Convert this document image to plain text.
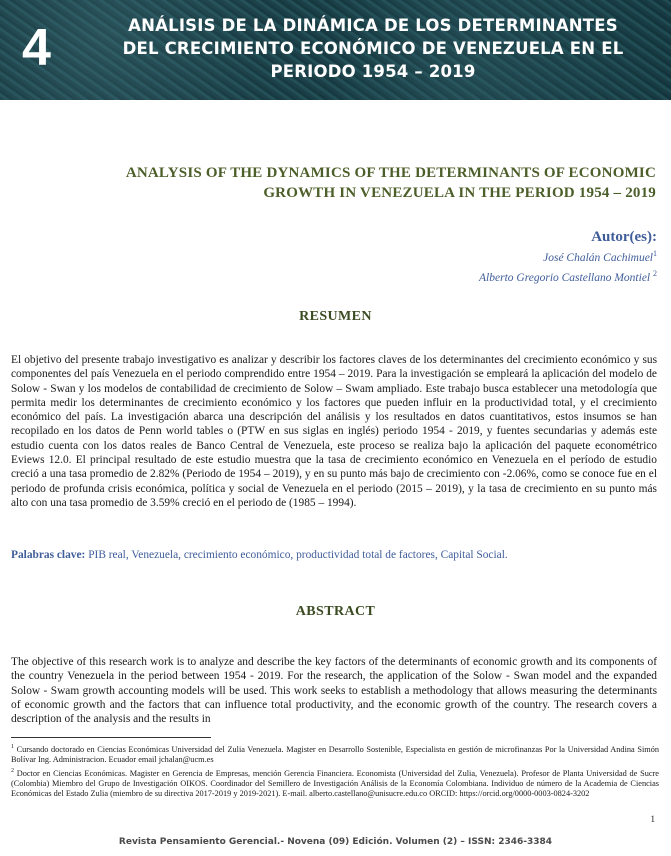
4	ANÁLISIS DE LA DINÁMICA DE LOS DETERMINANTES
DEL CRECIMIENTO ECONÓMICO DE VENEZUELA EN EL
PERIODO 1954 – 2019
ANALYSIS OF THE DYNAMICS OF THE DETERMINANTS OF ECONOMIC
GROWTH IN VENEZUELA IN THE PERIOD 1954 – 2019
Autor(es):
José Chalán Cachimuel$^1$
Alberto Gregorio Castellano Montiel $^2$
RESUMEN
El objetivo del presente trabajo investigativo es analizar y describir los factores claves de los determinantes del crecimiento económico y sus componentes del país Venezuela en el periodo comprendido entre 1954 – 2019. Para la investigación se empleará la aplicación del modelo de Solow - Swan y los modelos de contabilidad de crecimiento de Solow – Swam ampliado. Este trabajo busca establecer una metodología que permita medir los determinantes de crecimiento económico y los factores que pueden influir en la productividad total, y el crecimiento económico del país. La investigación abarca una descripción del análisis y los resultados en datos cuantitativos, estos insumos se han recopilado en los datos de Penn world tables o (PTW en sus siglas en inglés) periodo 1954 - 2019, y fuentes secundarias y además este estudio cuenta con los datos reales de Banco Central de Venezuela, este proceso se realiza bajo la aplicación del paquete econométrico Eviews 12.0. El principal resultado de este estudio muestra que la tasa de crecimiento económico en Venezuela en el período de estudio creció a una tasa promedio de 2.82% (Periodo de 1954 – 2019), y en su punto más bajo de crecimiento con -2.06%, como se conoce fue en el periodo de profunda crisis económica, política y social de Venezuela en el periodo (2015 – 2019), y la tasa de crecimiento en su punto más alto con una tasa promedio de 3.59% creció en el periodo de (1985 – 1994).
Palabras clave: PIB real, Venezuela, crecimiento económico, productividad total de factores, Capital Social.
ABSTRACT
The objective of this research work is to analyze and describe the key factors of the determinants of economic growth and its components of the country Venezuela in the period between 1954 - 2019. For the research, the application of the Solow - Swan model and the expanded Solow - Swam growth accounting models will be used. This work seeks to establish a methodology that allows measuring the determinants of economic growth and the factors that can influence total productivity, and the economic growth of the country. The research covers a description of the analysis and the results in

$^1$ Cursando doctorado en Ciencias Económicas Universidad del Zulia Venezuela. Magister en Desarrollo Sostenible, Especialista en gestión de microfinanzas Por la Universidad Andina Simón Bolívar Ing. Administracion. Ecuador email jchalan@ucm.es

$^2$ Doctor en Ciencias Económicas. Magister en Gerencia de Empresas, mención Gerencia Financiera. Economista (Universidad del Zulia, Venezuela). Profesor de Planta Universidad de Sucre (Colombia) Miembro del Grupo de Investigación OIKOS. Coordinador del Semillero de Investigación Análisis de la Economía Colombiana. Individuo de número de la Academia de Ciencias Económicas del Estado Zulia (miembro de su directiva 2017-2019 y 2019-2021). E-mail. alberto.castellano@unisucre.edu.co ORCID: https://orcid.org/0000-0003-0824-3202

1
Revista Pensamiento Gerencial.- Novena (09) Edición. Volumen (2) – ISSN: 2346-3384
